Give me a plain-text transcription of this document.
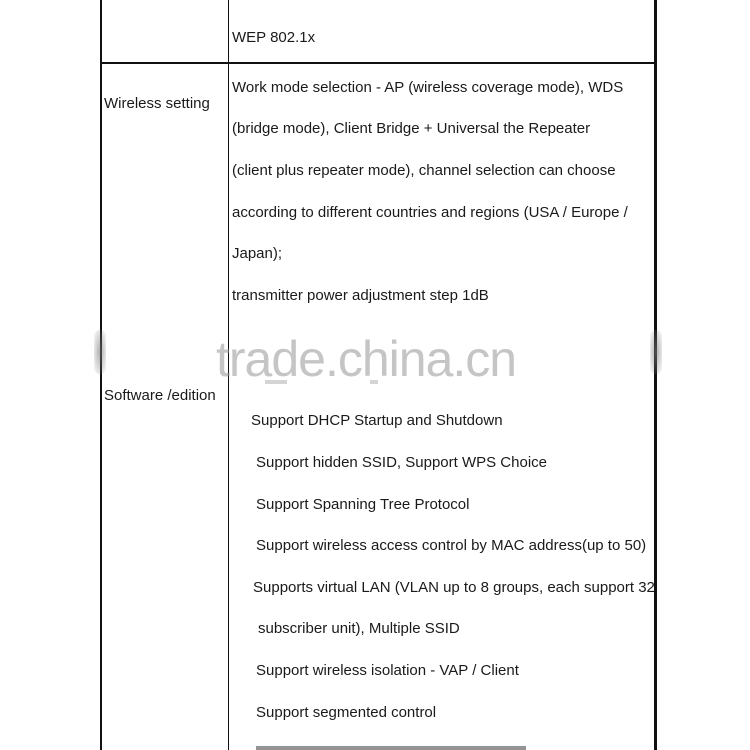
WEP 802.1x
Wireless setting
Work mode selection - AP (wireless coverage mode), WDS
(bridge mode), Client Bridge + Universal the Repeater
(client plus repeater mode), channel selection can choose
according to different countries and regions (USA / Europe /
Japan);
transmitter power adjustment step 1dB
Software /edition
Support DHCP Startup and Shutdown
Support hidden SSID, Support WPS Choice
Support Spanning Tree Protocol
Support wireless access control by MAC address(up to 50)
Supports virtual LAN (VLAN up to 8 groups, each support 32
subscriber unit), Multiple SSID
Support wireless isolation - VAP / Client
Support segmented control
trade.china.cn
